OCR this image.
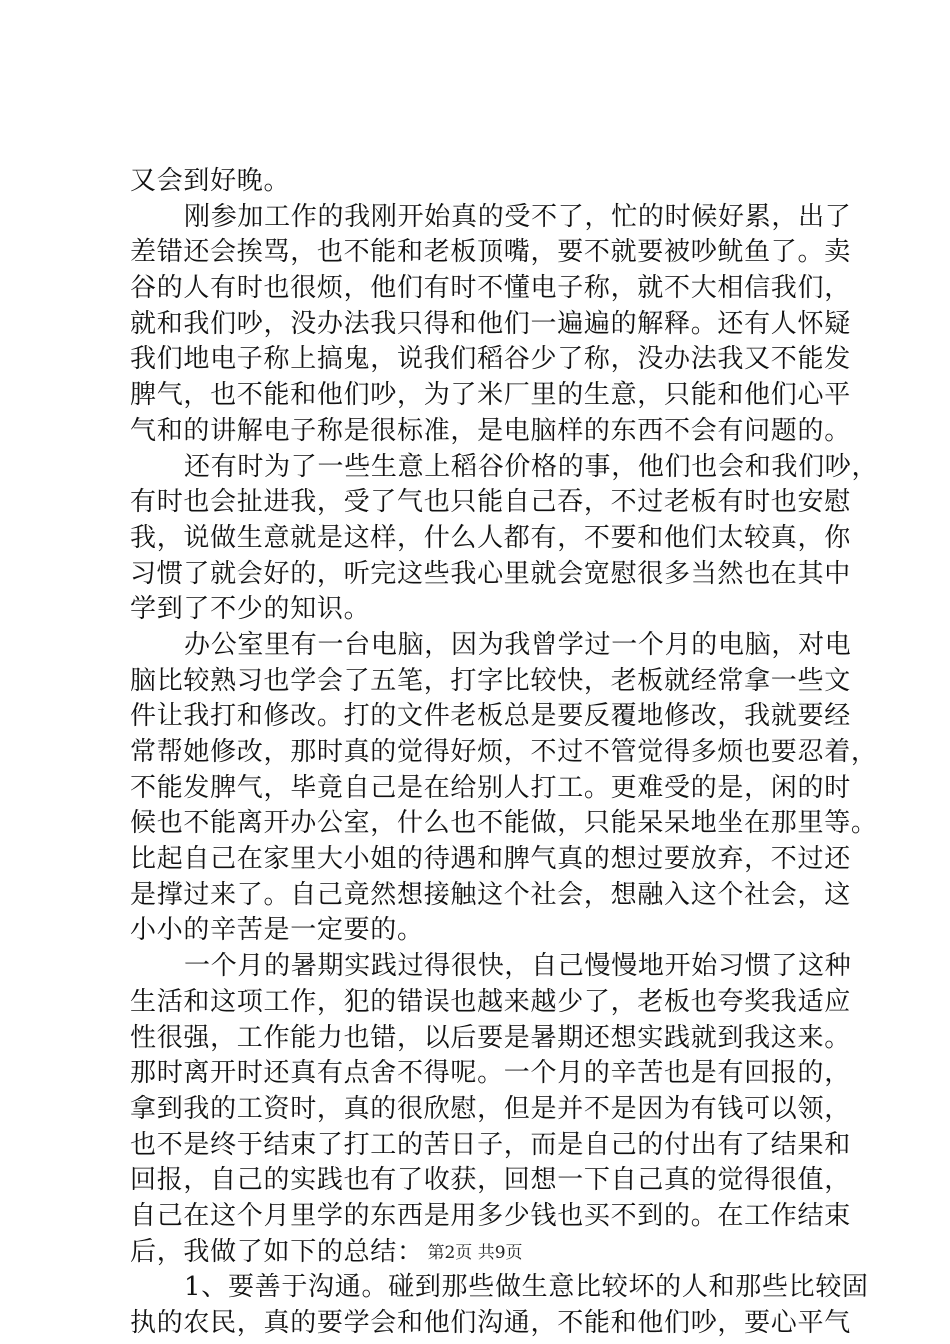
又会到好晚。
刚参加工作的我刚开始真的受不了，忙的时候好累，出了
差错还会挨骂，也不能和老板顶嘴，要不就要被吵鱿鱼了。卖
谷的人有时也很烦，他们有时不懂电子称，就不大相信我们，
就和我们吵，没办法我只得和他们一遍遍的解释。还有人怀疑
我们地电子称上搞鬼，说我们稻谷少了称，没办法我又不能发
脾气，也不能和他们吵，为了米厂里的生意，只能和他们心平
气和的讲解电子称是很标准，是电脑样的东西不会有问题的。
还有时为了一些生意上稻谷价格的事，他们也会和我们吵，
有时也会扯进我，受了气也只能自己吞，不过老板有时也安慰
我，说做生意就是这样，什么人都有，不要和他们太较真，你
习惯了就会好的，听完这些我心里就会宽慰很多当然也在其中
学到了不少的知识。
办公室里有一台电脑，因为我曾学过一个月的电脑，对电
脑比较熟习也学会了五笔，打字比较快，老板就经常拿一些文
件让我打和修改。打的文件老板总是要反覆地修改，我就要经
常帮她修改，那时真的觉得好烦，不过不管觉得多烦也要忍着，
不能发脾气，毕竟自己是在给别人打工。更难受的是，闲的时
候也不能离开办公室，什么也不能做，只能呆呆地坐在那里等。
比起自己在家里大小姐的待遇和脾气真的想过要放弃，不过还
是撑过来了。自己竟然想接触这个社会，想融入这个社会，这
小小的辛苦是一定要的。
一个月的暑期实践过得很快，自己慢慢地开始习惯了这种
生活和这项工作，犯的错误也越来越少了，老板也夸奖我适应
性很强，工作能力也错，以后要是暑期还想实践就到我这来。
那时离开时还真有点舍不得呢。一个月的辛苦也是有回报的，
拿到我的工资时，真的很欣慰，但是并不是因为有钱可以领，
也不是终于结束了打工的苦日子，而是自己的付出有了结果和
回报，自己的实践也有了收获，回想一下自己真的觉得很值，
自己在这个月里学的东西是用多少钱也买不到的。在工作结束
后，我做了如下的总结：
1、要善于沟通。碰到那些做生意比较坏的人和那些比较固
执的农民，真的要学会和他们沟通，不能和他们吵，要心平气
第2页 共9页
